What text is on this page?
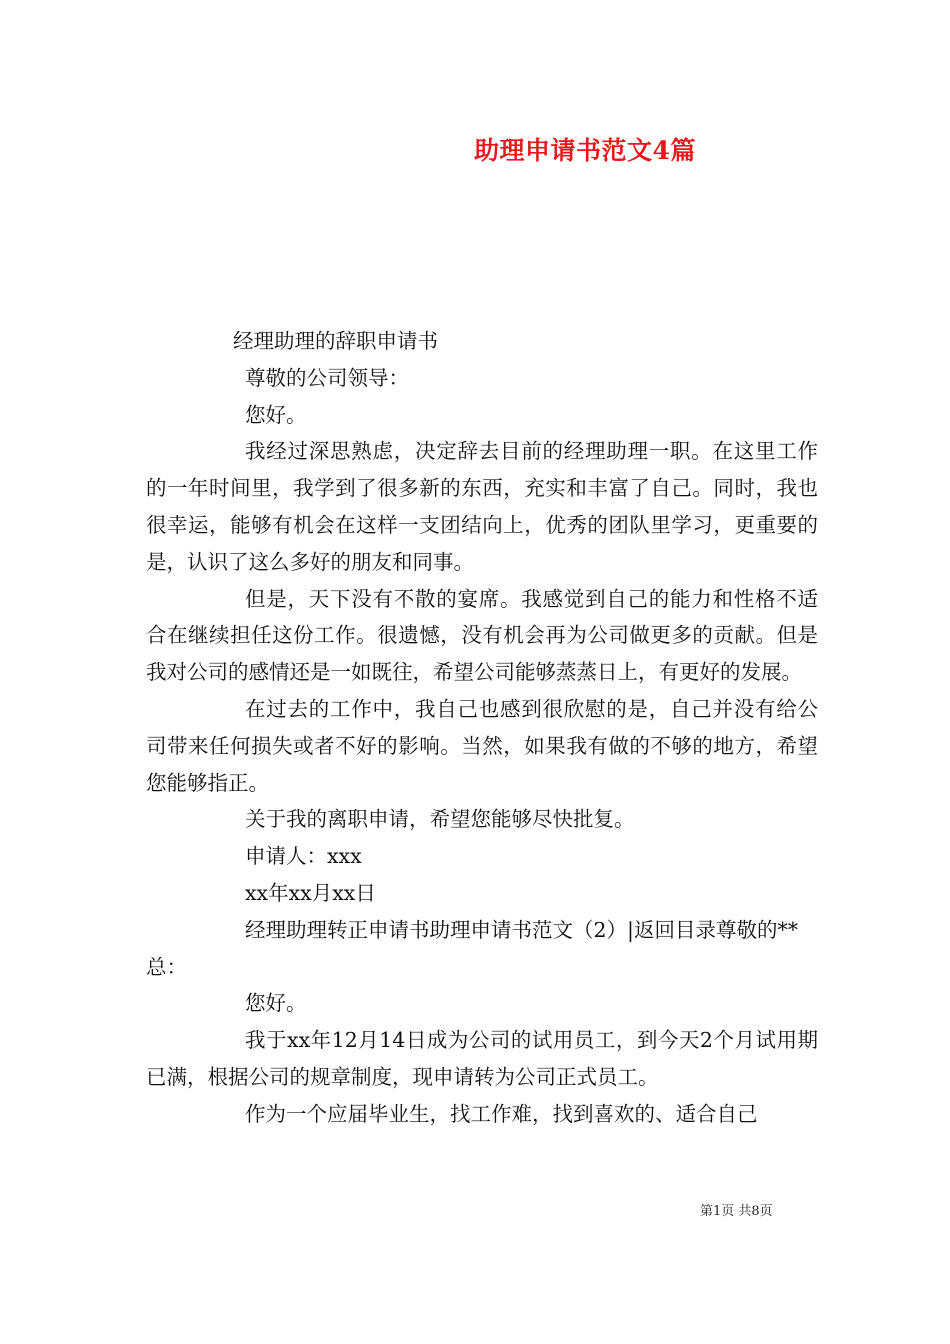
助理申请书范文4篇

经理助理的辞职申请书

尊敬的公司领导：

您好。

我经过深思熟虑，决定辞去目前的经理助理一职。在这里工作的一年时间里，我学到了很多新的东西，充实和丰富了自己。同时，我也很幸运，能够有机会在这样一支团结向上，优秀的团队里学习，更重要的是，认识了这么多好的朋友和同事。

但是，天下没有不散的宴席。我感觉到自己的能力和性格不适合在继续担任这份工作。很遗憾，没有机会再为公司做更多的贡献。但是我对公司的感情还是一如既往，希望公司能够蒸蒸日上，有更好的发展。

在过去的工作中，我自己也感到很欣慰的是，自己并没有给公司带来任何损失或者不好的影响。当然，如果我有做的不够的地方，希望您能够指正。

关于我的离职申请，希望您能够尽快批复。

申请人：xxx

xx年xx月xx日

经理助理转正申请书助理申请书范文（2）|返回目录尊敬的**总：

您好。

我于xx年12月14日成为公司的试用员工，到今天2个月试用期已满，根据公司的规章制度，现申请转为公司正式员工。

作为一个应届毕业生，找工作难，找到喜欢的、适合自己

第1页 共8页
